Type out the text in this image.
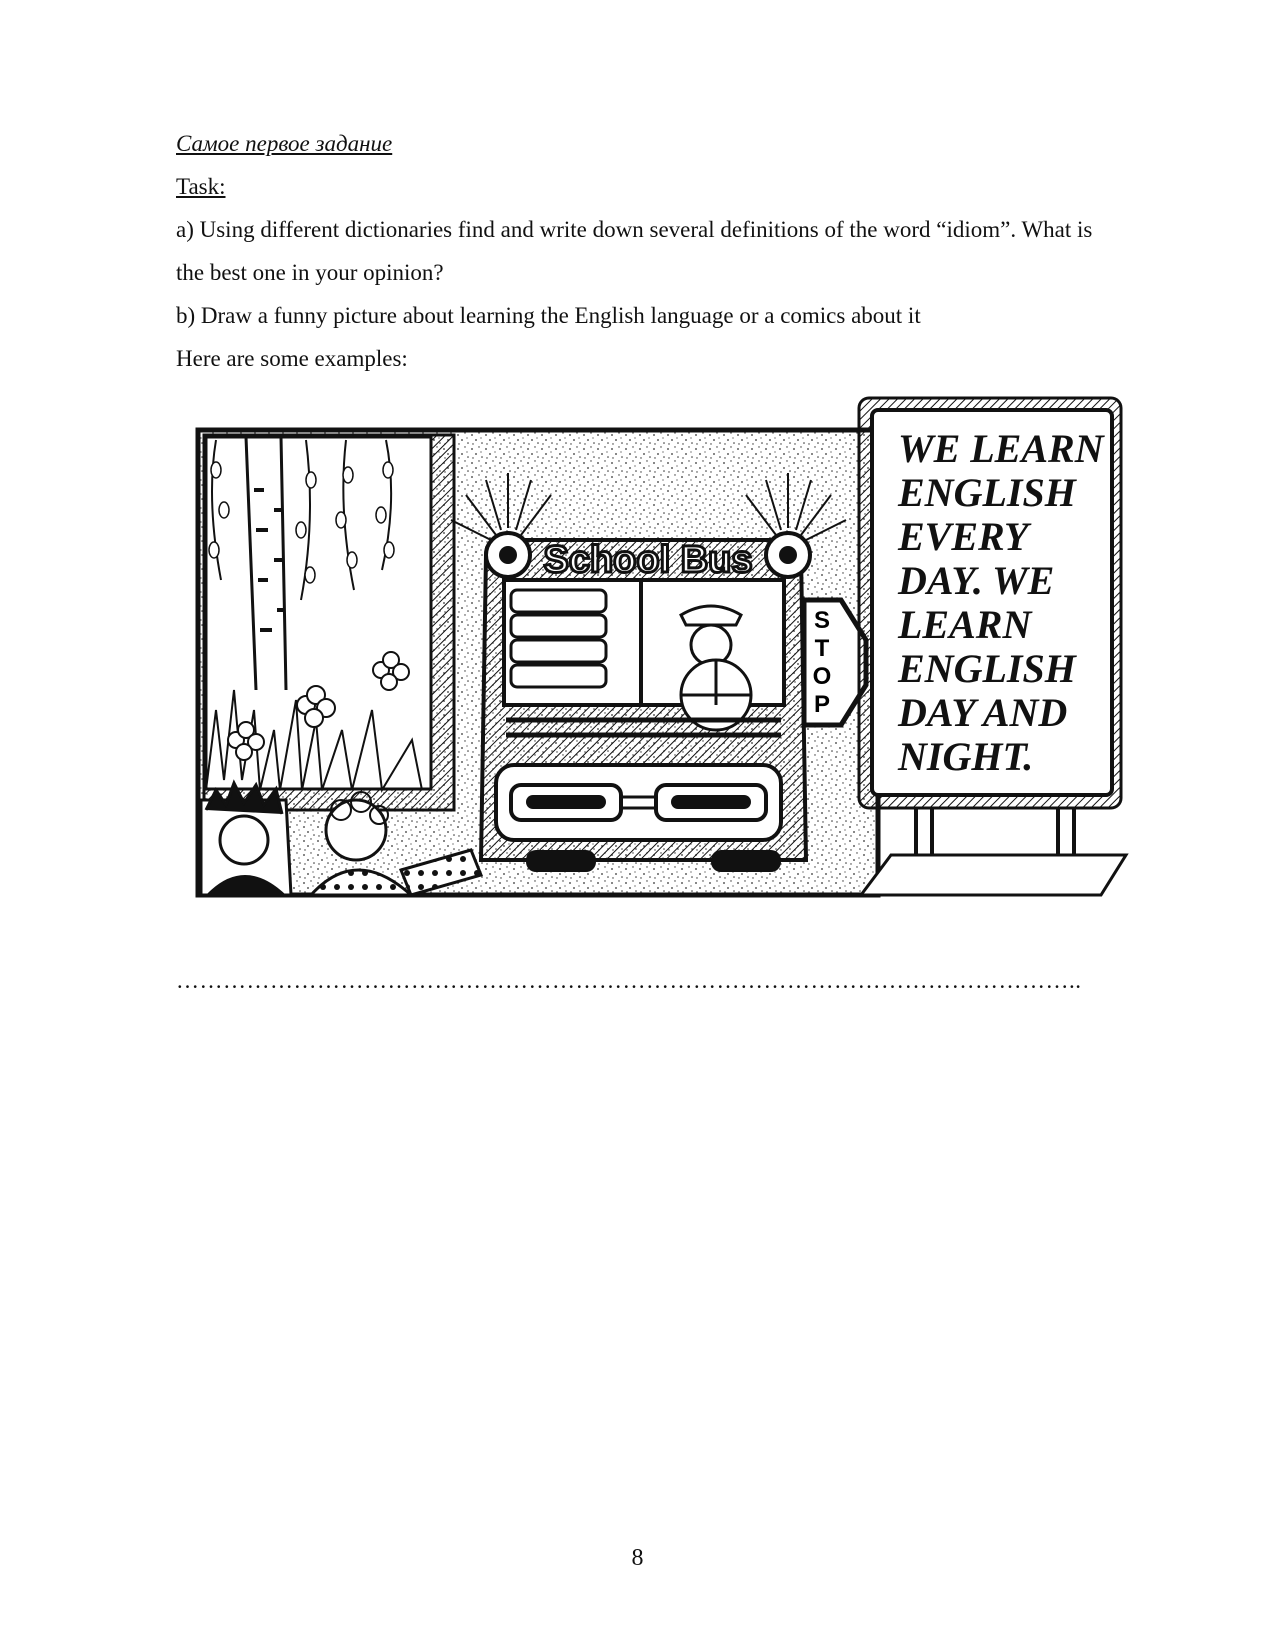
Самое первое задание
Task:
a) Using different dictionaries find and write down several definitions of the word “idiom”. What is
the best one in your opinion?
b) Draw a funny picture about learning the English language or a comics about it
Here are some examples:
School Bus
S
T
O
P
WE LEARN
ENGLISH
EVERY
DAY. WE
LEARN
ENGLISH
DAY AND
NIGHT.
……………………………………………………………………………………………………..
8
